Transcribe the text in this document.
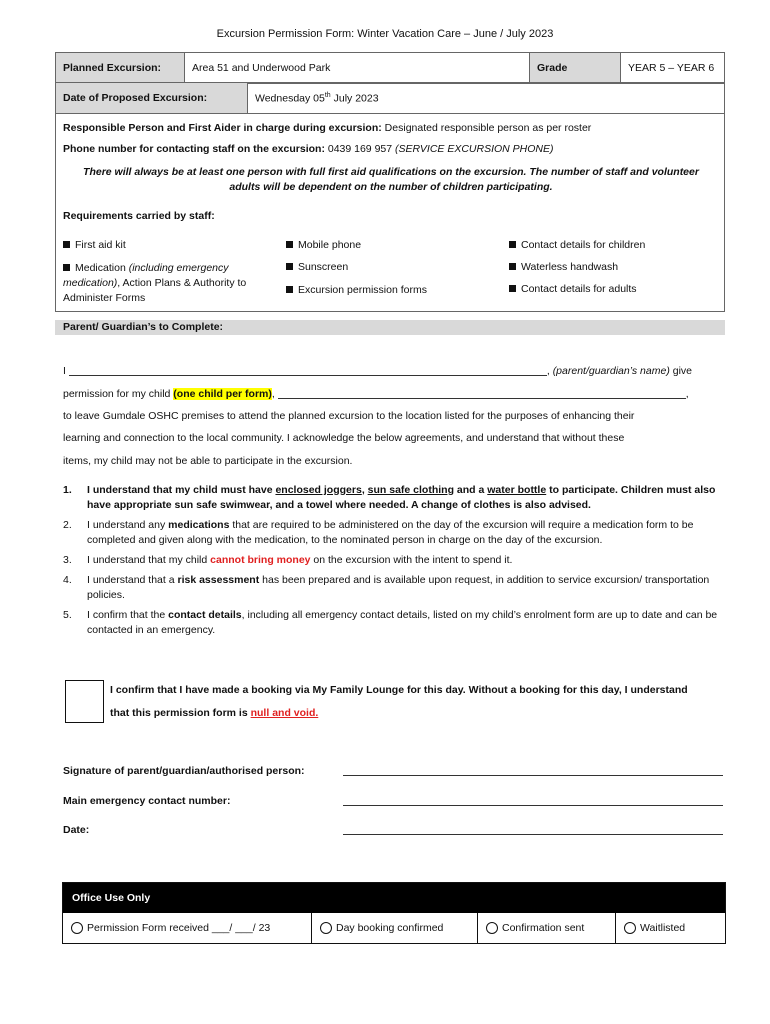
Excursion Permission Form: Winter Vacation Care – June / July 2023
Planned Excursion:	Area 51 and Underwood Park	Grade	YEAR 5 – YEAR 6
Date of Proposed Excursion:	Wednesday 05th July 2023
Responsible Person and First Aider in charge during excursion: Designated responsible person as per roster
Phone number for contacting staff on the excursion: 0439 169 957 (SERVICE EXCURSION PHONE)
There will always be at least one person with full first aid qualifications on the excursion. The number of staff and volunteer adults will be dependent on the number of children participating.
Requirements carried by staff:
First aid kit
Medication (including emergency medication), Action Plans & Authority to Administer Forms
Mobile phone
Sunscreen
Excursion permission forms
Contact details for children
Waterless handwash
Contact details for adults
Parent/ Guardian’s to Complete:
I	, (parent/guardian’s name) give
permission for my child (one child per form),	,
to leave Gumdale OSHC premises to attend the planned excursion to the location listed for the purposes of enhancing their
learning and connection to the local community. I acknowledge the below agreements, and understand that without these
items, my child may not be able to participate in the excursion.
1. I understand that my child must have enclosed joggers, sun safe clothing and a water bottle to participate. Children must also have appropriate sun safe swimwear, and a towel where needed. A change of clothes is also advised.
2. I understand any medications that are required to be administered on the day of the excursion will require a medication form to be completed and given along with the medication, to the nominated person in charge on the day of the excursion.
3. I understand that my child cannot bring money on the excursion with the intent to spend it.
4. I understand that a risk assessment has been prepared and is available upon request, in addition to service excursion/ transportation policies.
5. I confirm that the contact details, including all emergency contact details, listed on my child’s enrolment form are up to date and can be contacted in an emergency.
I confirm that I have made a booking via My Family Lounge for this day. Without a booking for this day, I understand
that this permission form is null and void.
Signature of parent/guardian/authorised person:
Main emergency contact number:
Date:
Office Use Only
Permission Form received ___/ ___/ 23	Day booking confirmed	Confirmation sent	Waitlisted
